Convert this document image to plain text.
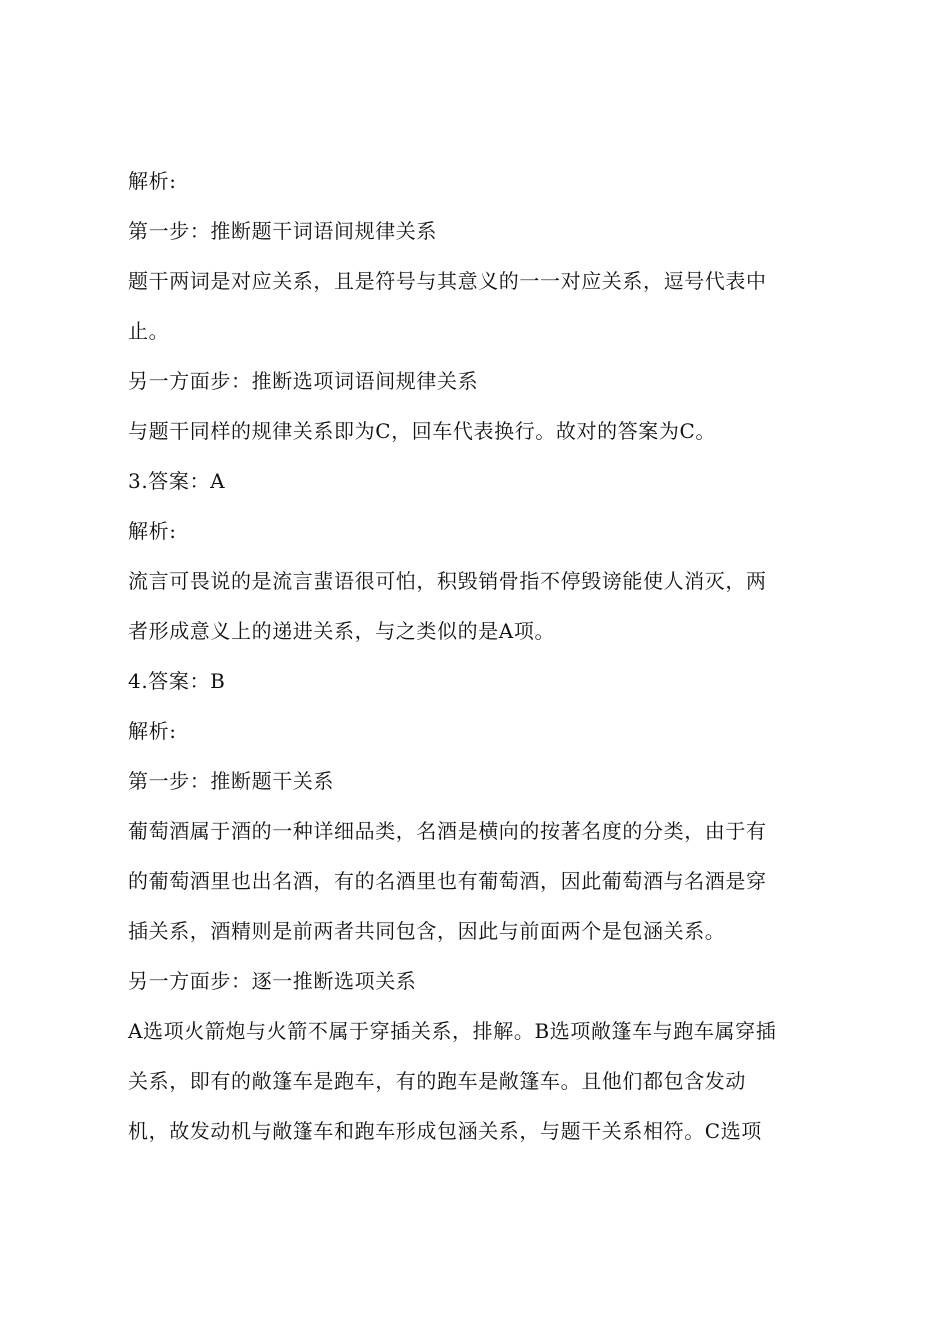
解析:
第一步：推断题干词语间规律关系
题干两词是对应关系，且是符号与其意义的一一对应关系，逗号代表中
止。
另一方面步：推断选项词语间规律关系
与题干同样的规律关系即为C，回车代表换行。故对的答案为C。
3.答案：A
解析:
流言可畏说的是流言蜚语很可怕，积毁销骨指不停毁谤能使人消灭，两
者形成意义上的递进关系，与之类似的是A项。
4.答案：B
解析:
第一步：推断题干关系
葡萄酒属于酒的一种详细品类，名酒是横向的按著名度的分类，由于有
的葡萄酒里也出名酒，有的名酒里也有葡萄酒，因此葡萄酒与名酒是穿
插关系，酒精则是前两者共同包含，因此与前面两个是包涵关系。
另一方面步：逐一推断选项关系
A选项火箭炮与火箭不属于穿插关系，排解。B选项敞篷车与跑车属穿插
关系，即有的敞篷车是跑车，有的跑车是敞篷车。且他们都包含发动
机，故发动机与敞篷车和跑车形成包涵关系，与题干关系相符。C选项
